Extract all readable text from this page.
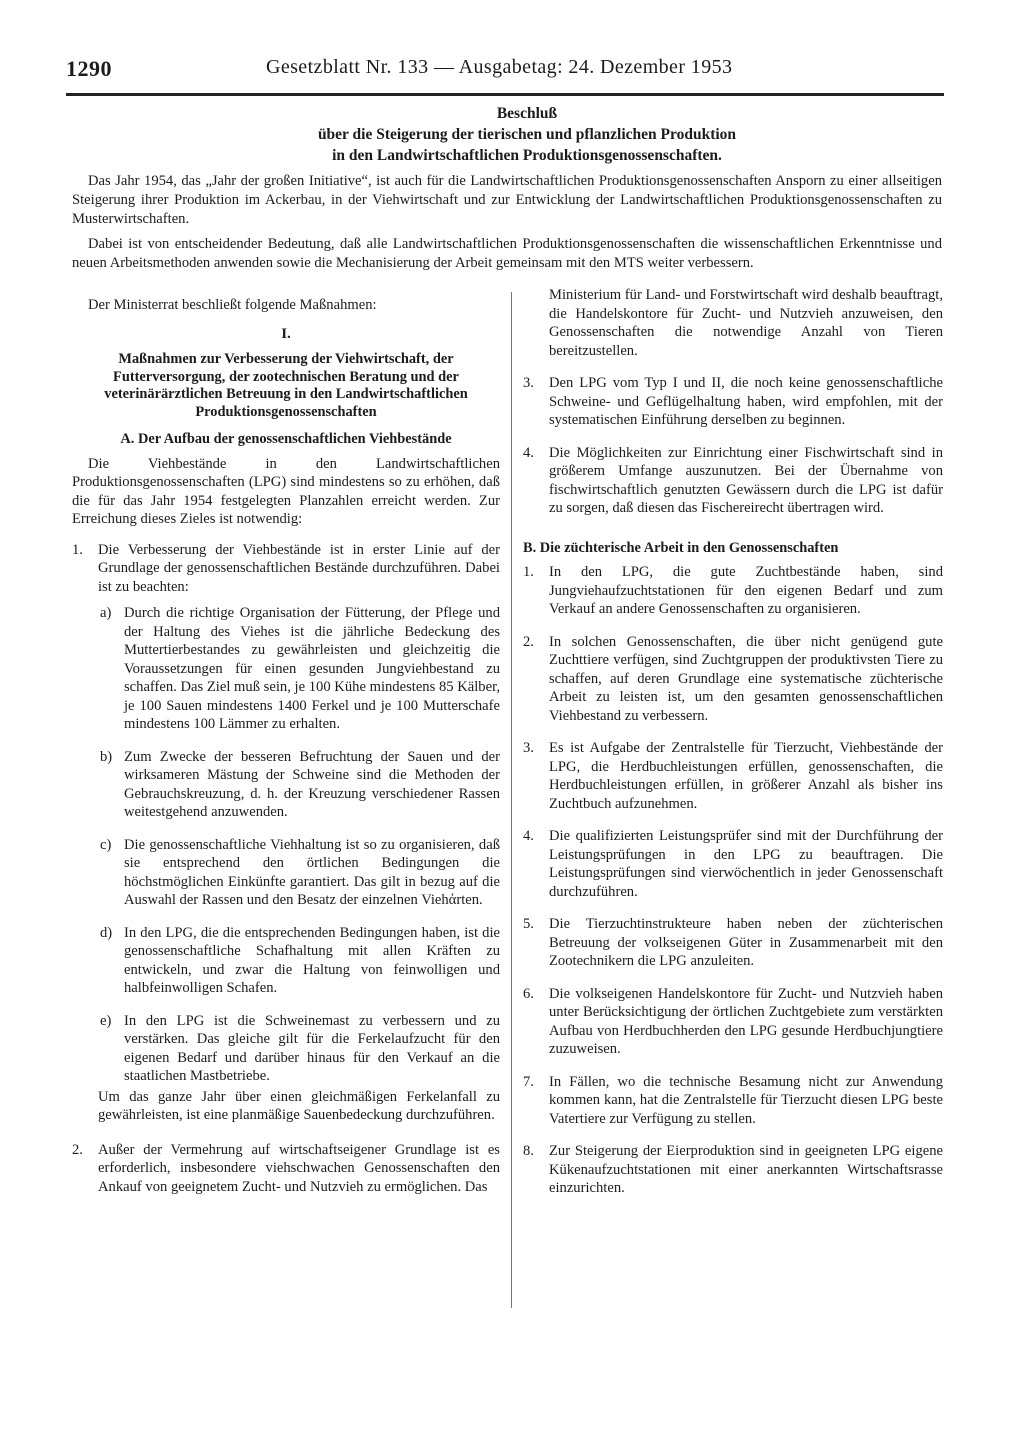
1290	Gesetzblatt Nr. 133 — Ausgabetag: 24. Dezember 1953
Beschluß
über die Steigerung der tierischen und pflanzlichen Produktion
in den Landwirtschaftlichen Produktionsgenossenschaften.

Das Jahr 1954, das „Jahr der großen Initiative“, ist auch für die Landwirtschaftlichen Produktionsgenossenschaften Ansporn zu einer allseitigen Steigerung ihrer Produktion im Ackerbau, in der Viehwirtschaft und zur Entwicklung der Landwirtschaftlichen Produktionsgenossenschaften zu Musterwirtschaften.

Dabei ist von entscheidender Bedeutung, daß alle Landwirtschaftlichen Produktionsgenossenschaften die wissenschaftlichen Erkenntnisse und neuen Arbeitsmethoden anwenden sowie die Mechanisierung der Arbeit gemeinsam mit den MTS weiter verbessern.

Der Ministerrat beschließt folgende Maßnahmen:

I.
Maßnahmen zur Verbesserung der Viehwirtschaft, der Futterversorgung, der zootechnischen Beratung und der veterinärärztlichen Betreuung in den Landwirtschaftlichen Produktionsgenossenschaften
A. Der Aufbau der genossenschaftlichen Viehbestände

Die Viehbestände in den Landwirtschaftlichen Produktionsgenossenschaften (LPG) sind mindestens so zu erhöhen, daß die für das Jahr 1954 festgelegten Planzahlen erreicht werden. Zur Erreichung dieses Zieles ist notwendig:

1.	Die Verbesserung der Viehbestände ist in erster Linie auf der Grundlage der genossenschaftlichen Bestände durchzuführen. Dabei ist zu beachten:
a) Durch die richtige Organisation der Fütterung, der Pflege und der Haltung des Viehes ist die jährliche Bedeckung des Muttertierbestandes zu gewährleisten und gleichzeitig die Voraussetzungen für einen gesunden Jungviehbestand zu schaffen. Das Ziel muß sein, je 100 Kühe mindestens 85 Kälber, je 100 Sauen mindestens 1400 Ferkel und je 100 Mutterschafe mindestens 100 Lämmer zu erhalten.
b) Zum Zwecke der besseren Befruchtung der Sauen und der wirksameren Mästung der Schweine sind die Methoden der Gebrauchskreuzung, d. h. der Kreuzung verschiedener Rassen weitestgehend anzuwenden.
c) Die genossenschaftliche Viehhaltung ist so zu organisieren, daß sie entsprechend den örtlichen Bedingungen die höchstmöglichen Einkünfte garantiert. Das gilt in bezug auf die Auswahl der Rassen und den Besatz der einzelnen Viehἀrten.
d) In den LPG, die die entsprechenden Bedingungen haben, ist die genossenschaftliche Schafhaltung mit allen Kräften zu entwickeln, und zwar die Haltung von feinwolligen und halbfeinwolligen Schafen.
e) In den LPG ist die Schweinemast zu verbessern und zu verstärken. Das gleiche gilt für die Ferkelaufzucht für den eigenen Bedarf und darüber hinaus für den Verkauf an die staatlichen Mastbetriebe.

Um das ganze Jahr über einen gleichmäßigen Ferkelanfall zu gewährleisten, ist eine planmäßige Sauenbedeckung durchzuführen.

2.	Außer der Vermehrung auf wirtschaftseigener Grundlage ist es erforderlich, insbesondere viehschwachen Genossenschaften den Ankauf von geeignetem Zucht- und Nutzvieh zu ermöglichen. Das

Ministerium für Land- und Forstwirtschaft wird deshalb beauftragt, die Handelskontore für Zucht- und Nutzvieh anzuweisen, den Genossenschaften die notwendige Anzahl von Tieren bereitzustellen.

3.	Den LPG vom Typ I und II, die noch keine genossenschaftliche Schweine- und Geflügelhaltung haben, wird empfohlen, mit der systematischen Einführung derselben zu beginnen.
4.	Die Möglichkeiten zur Einrichtung einer Fischwirtschaft sind in größerem Umfange auszunutzen. Bei der Übernahme von fischwirtschaftlich genutzten Gewässern durch die LPG ist dafür zu sorgen, daß diesen das Fischereirecht übertragen wird.
B. Die züchterische Arbeit in den Genossenschaften
1.	In den LPG, die gute Zuchtbestände haben, sind Jungviehaufzuchtstationen für den eigenen Bedarf und zum Verkauf an andere Genossenschaften zu organisieren.
2.	In solchen Genossenschaften, die über nicht genügend gute Zuchttiere verfügen, sind Zuchtgruppen der produktivsten Tiere zu schaffen, auf deren Grundlage eine systematische züchterische Arbeit zu leisten ist, um den gesamten genossenschaftlichen Viehbestand zu verbessern.
3.	Es ist Aufgabe der Zentralstelle für Tierzucht, Viehbestände der LPG, die Herdbuchleistungen erfüllen, genossenschaften, die Herdbuchleistungen erfüllen, in größerer Anzahl als bisher ins Zuchtbuch aufzunehmen.
4.	Die qualifizierten Leistungsprüfer sind mit der Durchführung der Leistungsprüfungen in den LPG zu beauftragen. Die Leistungsprüfungen sind vierwöchentlich in jeder Genossenschaft durchzuführen.
5.	Die Tierzuchtinstrukteure haben neben der züchterischen Betreuung der volkseigenen Güter in Zusammenarbeit mit den Zootechnikern die LPG anzuleiten.
6.	Die volkseigenen Handelskontore für Zucht- und Nutzvieh haben unter Berücksichtigung der örtlichen Zuchtgebiete zum verstärkten Aufbau von Herdbuchherden den LPG gesunde Herdbuchjungtiere zuzuweisen.
7.	In Fällen, wo die technische Besamung nicht zur Anwendung kommen kann, hat die Zentralstelle für Tierzucht diesen LPG beste Vatertiere zur Verfügung zu stellen.
8.	Zur Steigerung der Eierproduktion sind in geeigneten LPG eigene Kükenaufzuchtstationen mit einer anerkannten Wirtschaftsrasse einzurichten.
